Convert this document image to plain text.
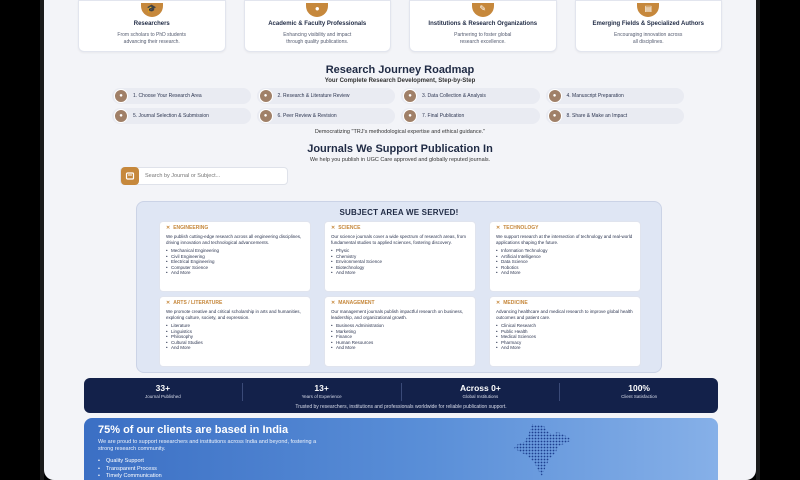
🎓
Researchers
From scholars to PhD students
advancing their research.
●
Academic & Faculty Professionals
Enhancing visibility and impact
through quality publications.
✎
Institutions & Research Organizations
Partnering to foster global
research excellence.
▤
Emerging Fields & Specialized Authors
Encouraging innovation across
all disciplines.
Research Journey Roadmap
Your Complete Research Development, Step-by-Step
●	1. Choose Your Research Area	●	2. Research & Literature Review	●	3. Data Collection & Analysis	●	4. Manuscript Preparation
●	5. Journal Selection & Submission	●	6. Peer Review & Revision	●	7. Final Publication	●	8. Share & Make an Impact
Democratizing "TRJ's methodological expertise and ethical guidance."
Journals We Support Publication In
We help you publish in UGC Care approved and globally reputed journals.
Search by Journal or Subject...
SUBJECT AREA WE SERVED!
✕ ENGINEERING
We publish cutting-edge research across all engineering disciplines, driving innovation and technological advancements.
• Mechanical Engineering
• Civil Engineering
• Electrical Engineering
• Computer Science
• And More
✕ SCIENCE
Our science journals cover a wide spectrum of research areas, from fundamental studies to applied sciences, fostering discovery.
• Physic
• Chemistry
• Environmental Science
• Biotechnology
• And More
✕ TECHNOLOGY
We support research at the intersection of technology and real-world applications shaping the future.
• Information Technology
• Artificial Intelligence
• Data Science
• Robotics
• And More
✕ ARTS / LITERATURE
We promote creative and critical scholarship in arts and humanities, exploring culture, society, and expression.
• Literature
• Linguistics
• Philosophy
• Cultural Studies
• And More
✕ MANAGEMENT
Our management journals publish impactful research on business, leadership, and organizational growth.
• Business Administration
• Marketing
• Finance
• Human Resources
• And More
✕ MEDICINE
Advancing healthcare and medical research to improve global health outcomes and patient care.
• Clinical Research
• Public Health
• Medical Sciences
• Pharmacy
• And More
33+
Journal Published
13+
Years of Experience
Across 0+
Global Institutions
100%
Client Satisfaction
Trusted by researchers, institutions and professionals worldwide for reliable publication support.
75% of our clients are based in India
We are proud to support researchers and institutions across India and beyond, fostering a strong research community.
• Quality Support
• Transparent Process
• Timely Communication
